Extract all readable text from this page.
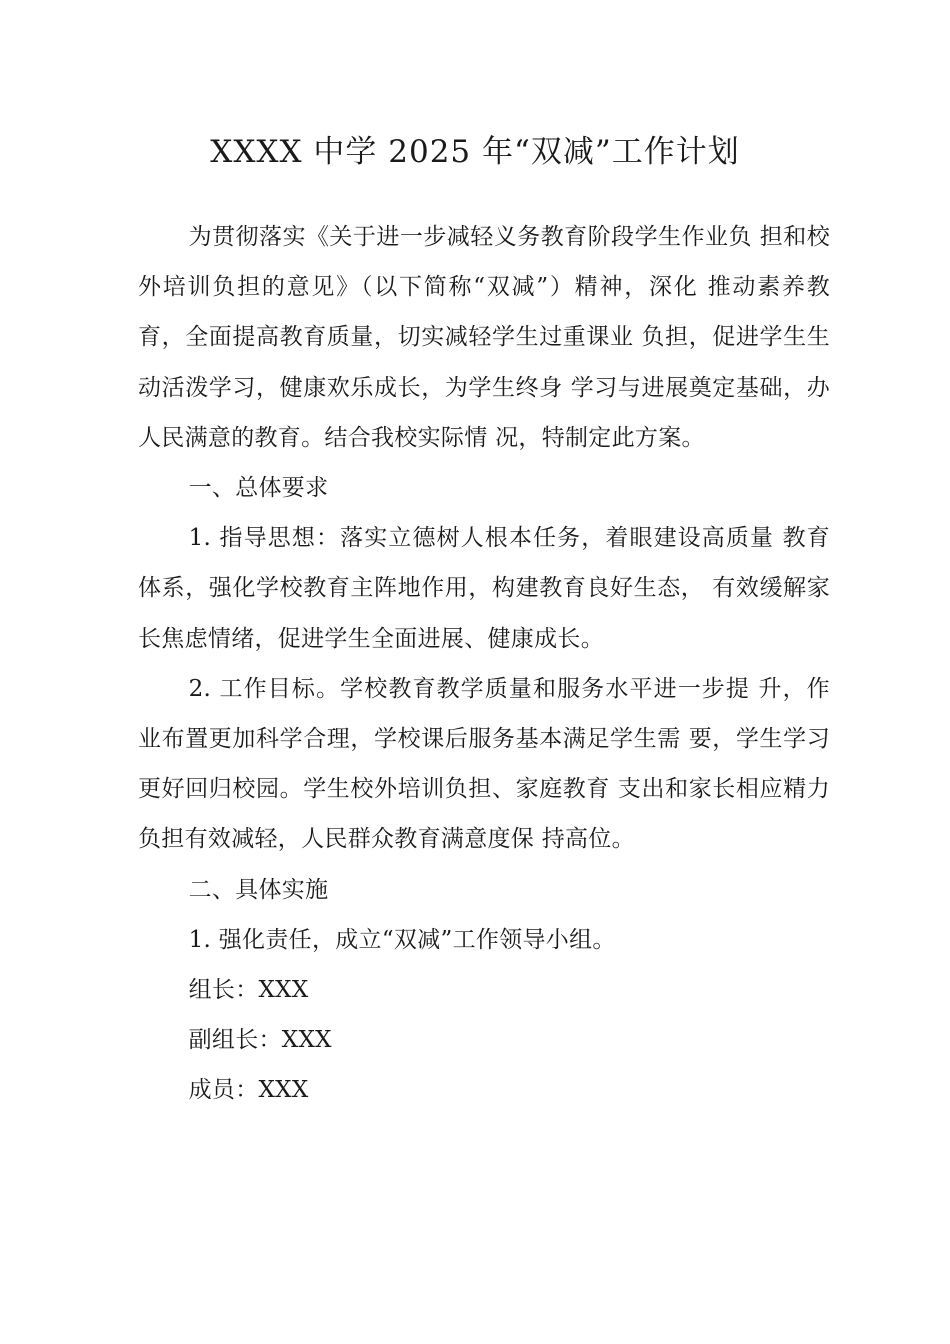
XXXX 中学 2025 年“双减”工作计划

为贯彻落实《关于进一步减轻义务教育阶段学生作业负 担和校外培训负担的意见》（以下简称“双减”）精神，深化 推动素养教育，全面提高教育质量，切实减轻学生过重课业 负担，促进学生生动活泼学习，健康欢乐成长，为学生终身 学习与进展奠定基础，办人民满意的教育。结合我校实际情 况，特制定此方案。

一、总体要求

1. 指导思想：落实立德树人根本任务，着眼建设高质量 教育体系，强化学校教育主阵地作用，构建教育良好生态， 有效缓解家长焦虑情绪，促进学生全面进展、健康成长。

2. 工作目标。学校教育教学质量和服务水平进一步提 升，作业布置更加科学合理，学校课后服务基本满足学生需 要，学生学习更好回归校园。学生校外培训负担、家庭教育 支出和家长相应精力负担有效减轻，人民群众教育满意度保 持高位。

二、具体实施

1. 强化责任，成立“双减”工作领导小组。

组长：XXX

副组长：XXX

成员：XXX
